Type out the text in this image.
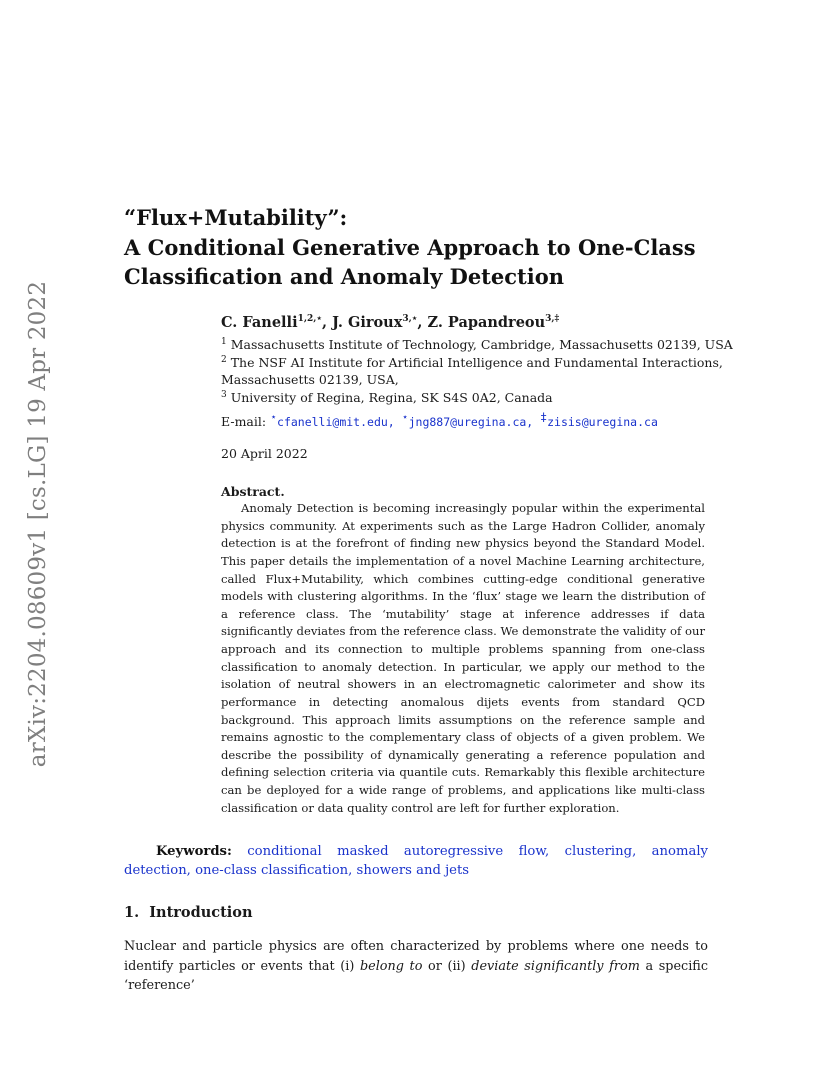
arXiv:2204.08609v1 [cs.LG] 19 Apr 2022
“Flux+Mutability”:
A Conditional Generative Approach to One-Class
Classification and Anomaly Detection
C. Fanelli$^{1,2,⋆}$, J. Giroux$^{3,⋆}$, Z. Papandreou$^{3,\ddagger}$
$^1$ Massachusetts Institute of Technology, Cambridge, Massachusetts 02139, USA
$^2$ The NSF AI Institute for Artificial Intelligence and Fundamental Interactions,
Massachusetts 02139, USA,
$^3$ University of Regina, Regina, SK S4S 0A2, Canada
E-mail: ⋆cfanelli@mit.edu, ⋆jng887@uregina.ca, ‡zisis@uregina.ca
20 April 2022
Abstract.

Anomaly Detection is becoming increasingly popular within the experimental physics community. At experiments such as the Large Hadron Collider, anomaly detection is at the forefront of finding new physics beyond the Standard Model. This paper details the implementation of a novel Machine Learning architecture, called Flux+Mutability, which combines cutting-edge conditional generative models with clustering algorithms. In the ‘flux’ stage we learn the distribution of a reference class. The ‘mutability’ stage at inference addresses if data significantly deviates from the reference class. We demonstrate the validity of our approach and its connection to multiple problems spanning from one-class classification to anomaly detection. In particular, we apply our method to the isolation of neutral showers in an electromagnetic calorimeter and show its performance in detecting anomalous dijets events from standard QCD background. This approach limits assumptions on the reference sample and remains agnostic to the complementary class of objects of a given problem. We describe the possibility of dynamically generating a reference population and defining selection criteria via quantile cuts. Remarkably this flexible architecture can be deployed for a wide range of problems, and applications like multi-class classification or data quality control are left for further exploration.

Keywords: conditional masked autoregressive flow, clustering, anomaly detection, one-class classification, showers and jets

1. Introduction

Nuclear and particle physics are often characterized by problems where one needs to identify particles or events that (i) belong to or (ii) deviate significantly from a specific ‘reference’
